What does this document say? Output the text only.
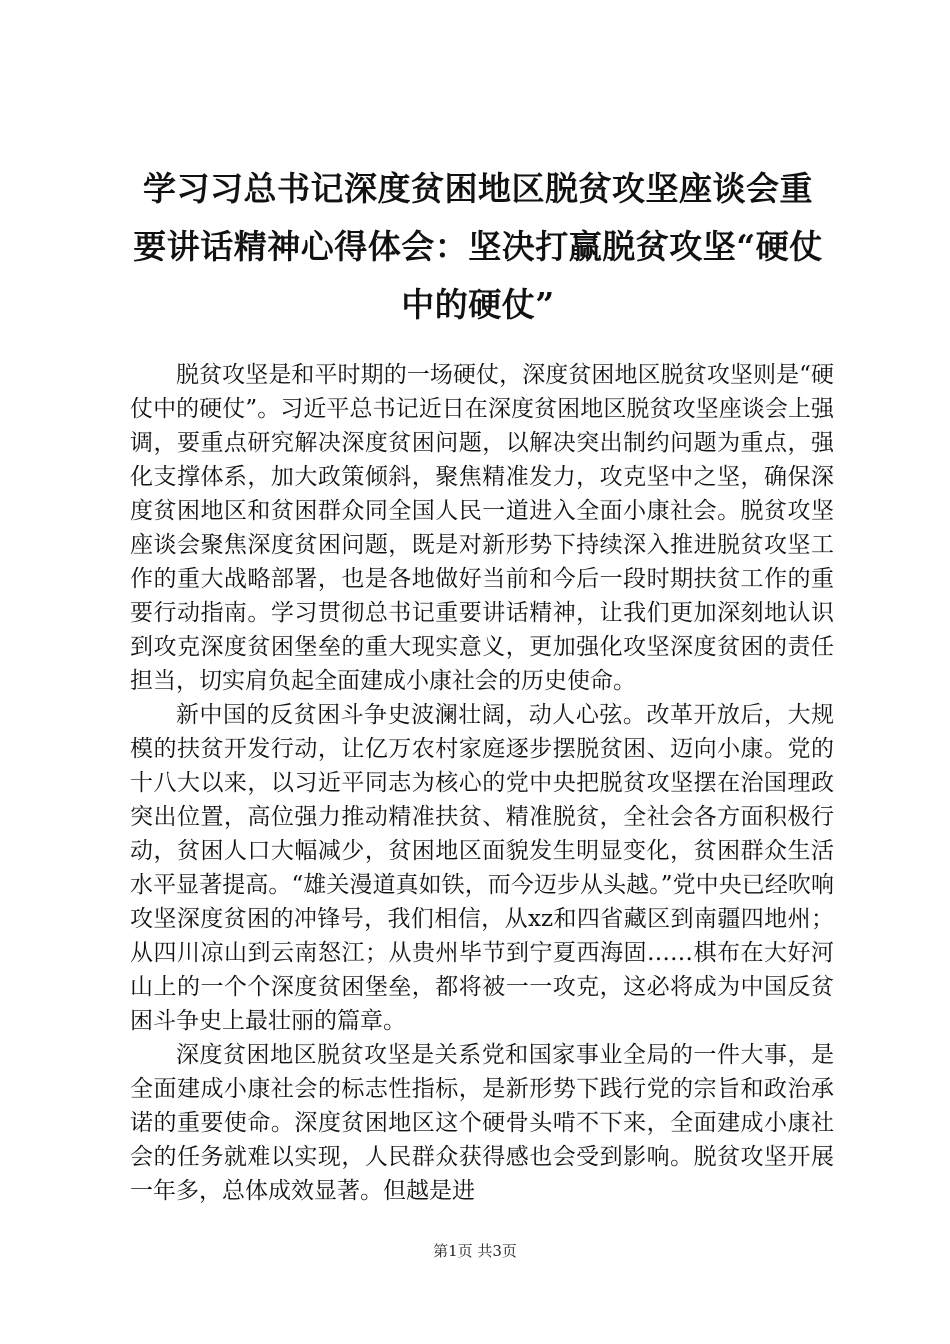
学习习总书记深度贫困地区脱贫攻坚座谈会重要讲话精神心得体会：坚决打赢脱贫攻坚“硬仗中的硬仗”

脱贫攻坚是和平时期的一场硬仗，深度贫困地区脱贫攻坚则是“硬仗中的硬仗”。习近平总书记近日在深度贫困地区脱贫攻坚座谈会上强调，要重点研究解决深度贫困问题，以解决突出制约问题为重点，强化支撑体系，加大政策倾斜，聚焦精准发力，攻克坚中之坚，确保深度贫困地区和贫困群众同全国人民一道进入全面小康社会。脱贫攻坚座谈会聚焦深度贫困问题，既是对新形势下持续深入推进脱贫攻坚工作的重大战略部署，也是各地做好当前和今后一段时期扶贫工作的重要行动指南。学习贯彻总书记重要讲话精神，让我们更加深刻地认识到攻克深度贫困堡垒的重大现实意义，更加强化攻坚深度贫困的责任担当，切实肩负起全面建成小康社会的历史使命。

新中国的反贫困斗争史波澜壮阔，动人心弦。改革开放后，大规模的扶贫开发行动，让亿万农村家庭逐步摆脱贫困、迈向小康。党的十八大以来，以习近平同志为核心的党中央把脱贫攻坚摆在治国理政突出位置，高位强力推动精准扶贫、精准脱贫，全社会各方面积极行动，贫困人口大幅减少，贫困地区面貌发生明显变化，贫困群众生活水平显著提高。“雄关漫道真如铁，而今迈步从头越。”党中央已经吹响攻坚深度贫困的冲锋号，我们相信，从xz和四省藏区到南疆四地州；从四川凉山到云南怒江；从贵州毕节到宁夏西海固……棋布在大好河山上的一个个深度贫困堡垒，都将被一一攻克，这必将成为中国反贫困斗争史上最壮丽的篇章。

深度贫困地区脱贫攻坚是关系党和国家事业全局的一件大事，是全面建成小康社会的标志性指标，是新形势下践行党的宗旨和政治承诺的重要使命。深度贫困地区这个硬骨头啃不下来，全面建成小康社会的任务就难以实现，人民群众获得感也会受到影响。脱贫攻坚开展一年多，总体成效显著。但越是进

第1页 共3页
